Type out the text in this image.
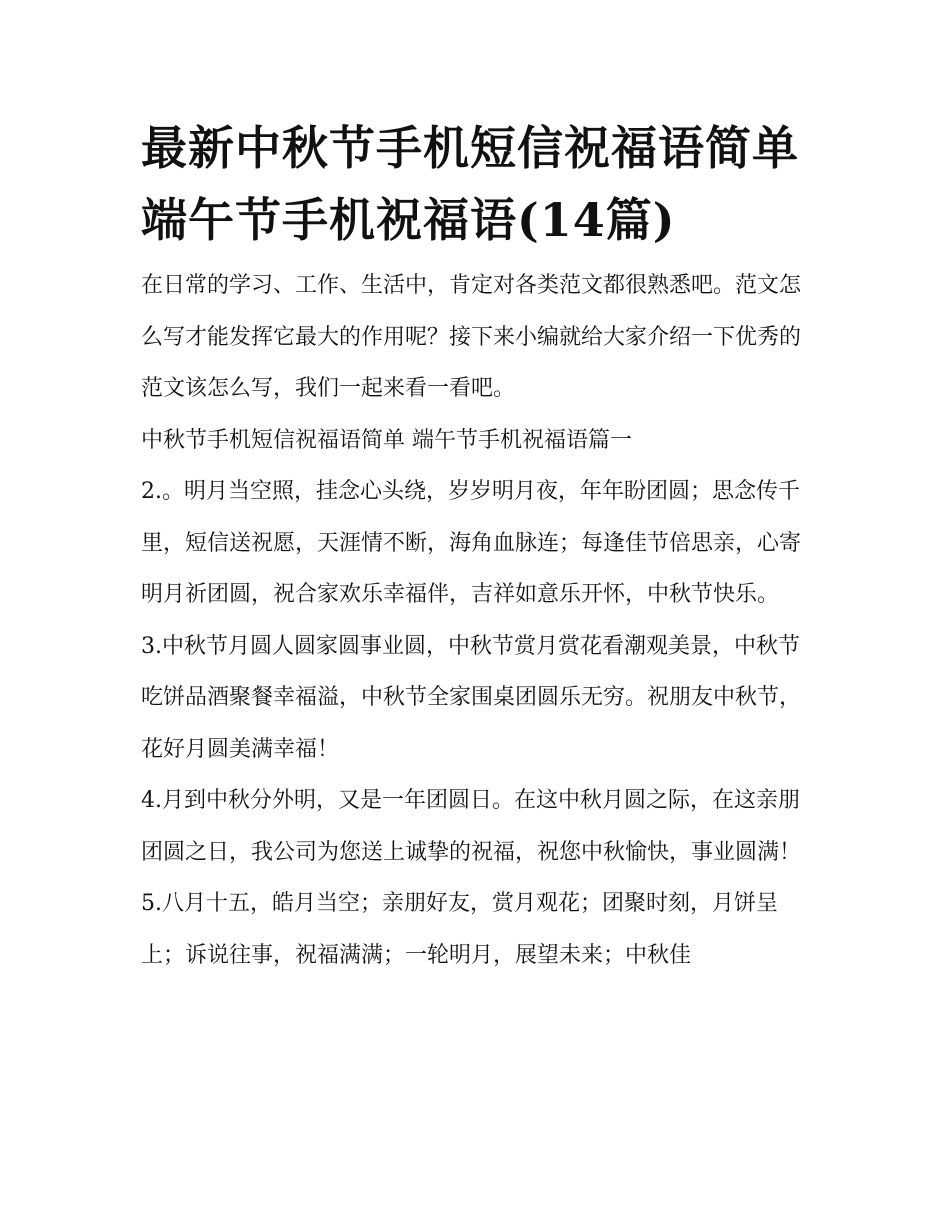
最新中秋节手机短信祝福语简单 端午节手机祝福语(14篇)

在日常的学习、工作、生活中，肯定对各类范文都很熟悉吧。范文怎么写才能发挥它最大的作用呢？接下来小编就给大家介绍一下优秀的范文该怎么写，我们一起来看一看吧。

中秋节手机短信祝福语简单 端午节手机祝福语篇一

2.。明月当空照，挂念心头绕，岁岁明月夜，年年盼团圆；思念传千里，短信送祝愿，天涯情不断，海角血脉连；每逢佳节倍思亲，心寄明月祈团圆，祝合家欢乐幸福伴，吉祥如意乐开怀，中秋节快乐。
3.中秋节月圆人圆家圆事业圆，中秋节赏月赏花看潮观美景，中秋节吃饼品酒聚餐幸福溢，中秋节全家围桌团圆乐无穷。祝朋友中秋节，花好月圆美满幸福！
4.月到中秋分外明，又是一年团圆日。在这中秋月圆之际，在这亲朋团圆之日，我公司为您送上诚挚的祝福，祝您中秋愉快，事业圆满！
5.八月十五，皓月当空；亲朋好友，赏月观花；团聚时刻，月饼呈上；诉说往事，祝福满满；一轮明月，展望未来；中秋佳
